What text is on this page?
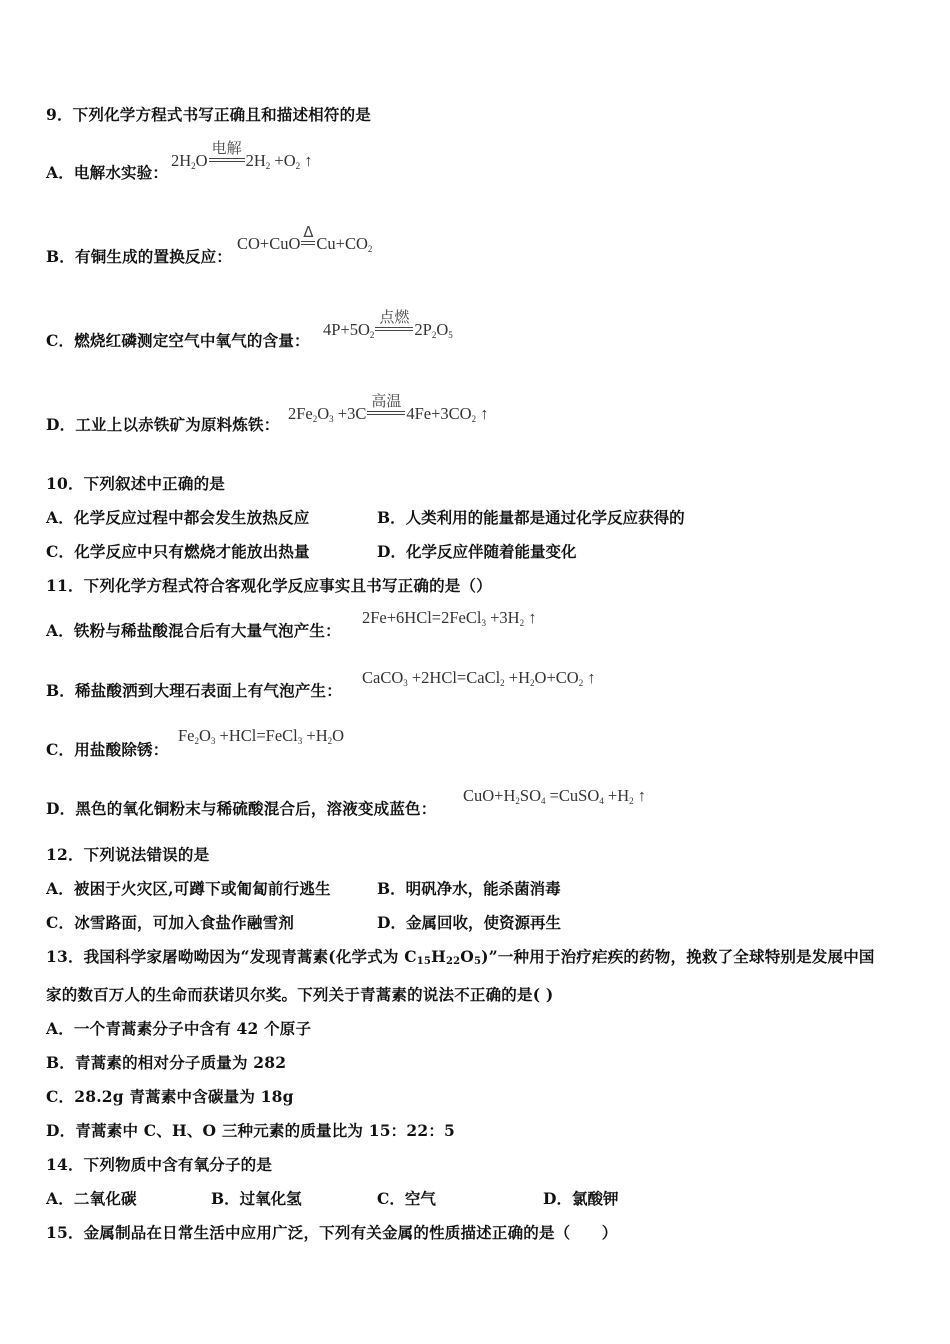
9．下列化学方程式书写正确且和描述相符的是
A．电解水实验：
$2H_2O$
电解
$2H_2 +O_2$ ↑
B．有铜生成的置换反应：
CO+CuO
Δ
$Cu+CO_2$
C．燃烧红磷测定空气中氧气的含量：
$4P+5O_2$
点燃
$2P_2O_5$
D．工业上以赤铁矿为原料炼铁：
$2Fe_2O_3 +3C$
高温
$4Fe+3CO_2$ ↑
10．下列叙述中正确的是
A．化学反应过程中都会发生放热反应	B．人类利用的能量都是通过化学反应获得的
C．化学反应中只有燃烧才能放出热量	D．化学反应伴随着能量变化
11．下列化学方程式符合客观化学反应事实且书写正确的是（）
A．铁粉与稀盐酸混合后有大量气泡产生：
2Fe+6HCl=2FeCl$_3$ $+3H_2$ ↑
B．稀盐酸洒到大理石表面上有气泡产生：
CaCO$_3$ +2HCl=CaCl$_2$ $+H_2O+CO_2$ ↑
C．用盐酸除锈：
$Fe_2O_3$ +HCl=FeCl$_3$ $+H_2O$
D．黑色的氧化铜粉末与稀硫酸混合后，溶液变成蓝色：
$CuO+H_2SO_4$ =CuSO$_4$ $+H_2$ ↑
12．下列说法错误的是
A．被困于火灾区,可蹲下或匍匐前行逃生	B．明矾净水，能杀菌消毒
C．冰雪路面，可加入食盐作融雪剂	D．金属回收，使资源再生
13．我国科学家屠呦呦因为“发现青蒿素(化学式为 C15H22O5)”一种用于治疗疟疾的药物，挽救了全球特别是发展中国
家的数百万人的生命而获诺贝尔奖。下列关于青蒿素的说法不正确的是( )
A．一个青蒿素分子中含有 42 个原子
B．青蒿素的相对分子质量为 282
C．28.2g 青蒿素中含碳量为 18g
D．青蒿素中 C、H、O 三种元素的质量比为 15：22：5
14．下列物质中含有氧分子的是
A．二氧化碳	B．过氧化氢	C．空气	D．氯酸钾
15．金属制品在日常生活中应用广泛，下列有关金属的性质描述正确的是（　　）
